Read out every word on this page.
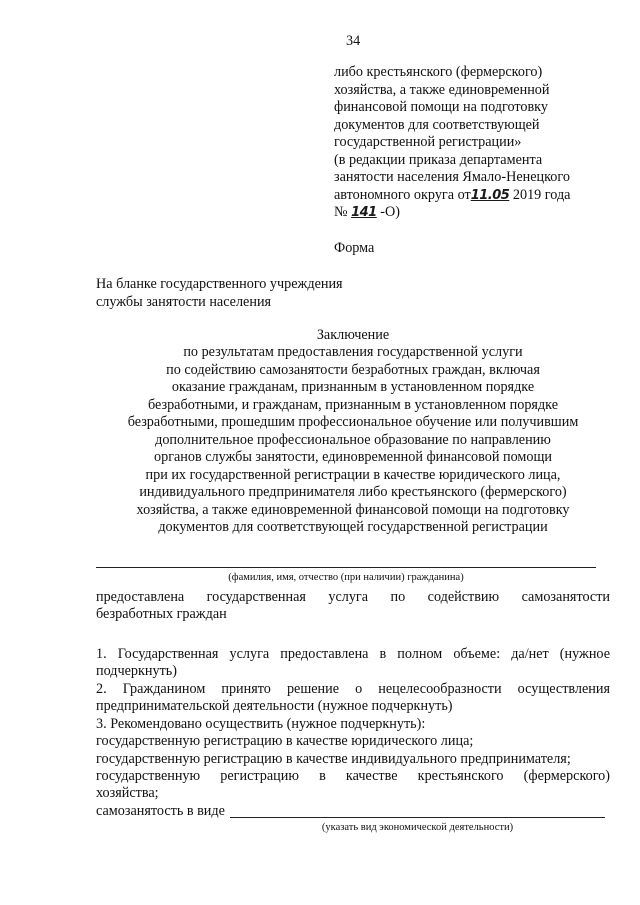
34
либо крестьянского (фермерского)
хозяйства, а также единовременной
финансовой помощи на подготовку
документов для соответствующей
государственной регистрации»
(в редакции приказа департамента
занятости населения Ямало-Ненецкого
автономного округа от11.05 2019 года
№ 141 -О)
Форма
На бланке государственного учреждения
службы занятости населения
Заключение
по результатам предоставления государственной услуги
по содействию самозанятости безработных граждан, включая
оказание гражданам, признанным в установленном порядке
безработными, и гражданам, признанным в установленном порядке
безработными, прошедшим профессиональное обучение или получившим
дополнительное профессиональное образование по направлению
органов службы занятости, единовременной финансовой помощи
при их государственной регистрации в качестве юридического лица,
индивидуального предпринимателя либо крестьянского (фермерского)
хозяйства, а также единовременной финансовой помощи на подготовку
документов для соответствующей государственной регистрации
(фамилия, имя, отчество (при наличии) гражданина)
предоставлена государственная услуга по содействию самозанятости
безработных граждан
1. Государственная услуга предоставлена в полном объеме: да/нет (нужное
подчеркнуть)
2. Гражданином принято решение о нецелесообразности осуществления
предпринимательской деятельности (нужное подчеркнуть)
3. Рекомендовано осуществить (нужное подчеркнуть):
государственную регистрацию в качестве юридического лица;
государственную регистрацию в качестве индивидуального предпринимателя;
государственную регистрацию в качестве крестьянского (фермерского)
хозяйства;
самозанятость в виде
(указать вид экономической деятельности)
